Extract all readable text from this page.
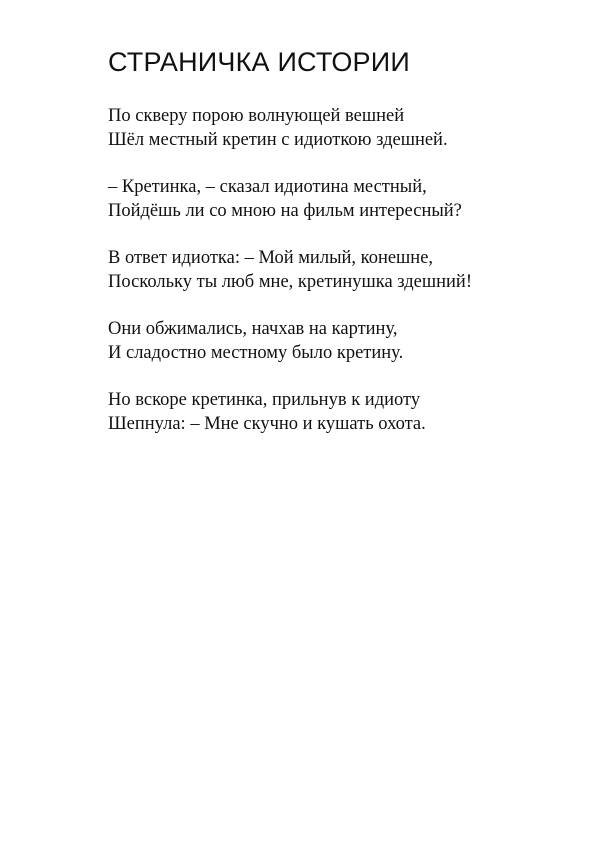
СТРАНИЧКА ИСТОРИИ
По скверу порою волнующей вешней
Шёл местный кретин с идиоткою здешней.
– Кретинка, – сказал идиотина местный,
Пойдёшь ли со мною на фильм интересный?
В ответ идиотка: – Мой милый, конешне,
Поскольку ты люб мне, кретинушка здешний!
Они обжимались, начхав на картину,
И сладостно местному было кретину.
Но вскоре кретинка, прильнув к идиоту
Шепнула: – Мне скучно и кушать охота.
